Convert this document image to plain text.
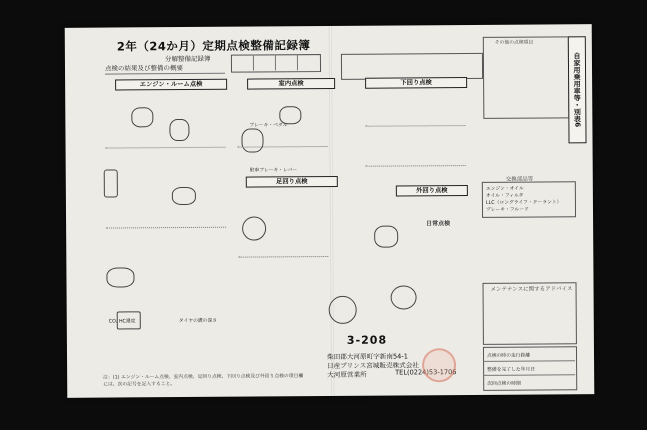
2年（24か月）定期点検整備記録簿
分解整備記録簿
点検の結果及び整備の概要
その他の点検項目
自家用乗用車等・別表6
エンジン・ルーム点検	室内点検	下回り点検
足回り点検
外回り点検
日常点検
交換部品等
エンジン・オイル
オイル・フィルタ
LLC（ロングライフ・クーラント）
ブレーキ・フルード
メンテナンスに関するアドバイス
点検の時の走行距離
整備を完了した年月日
次回点検の時期
ブレーキ・ペダル
駐車ブレーキ・レバー
タイヤの溝の深さ
CO, HC濃度
3-208
柴田郡大河原町字新南54-1
日産プリンス宮城販売株式会社
大河原営業所	TEL(0224)53-1706
注：(1) エンジン・ルーム点検、室内点検、足回り点検、下回り点検及び外回り点検の項目欄には、次の記号を記入すること。
